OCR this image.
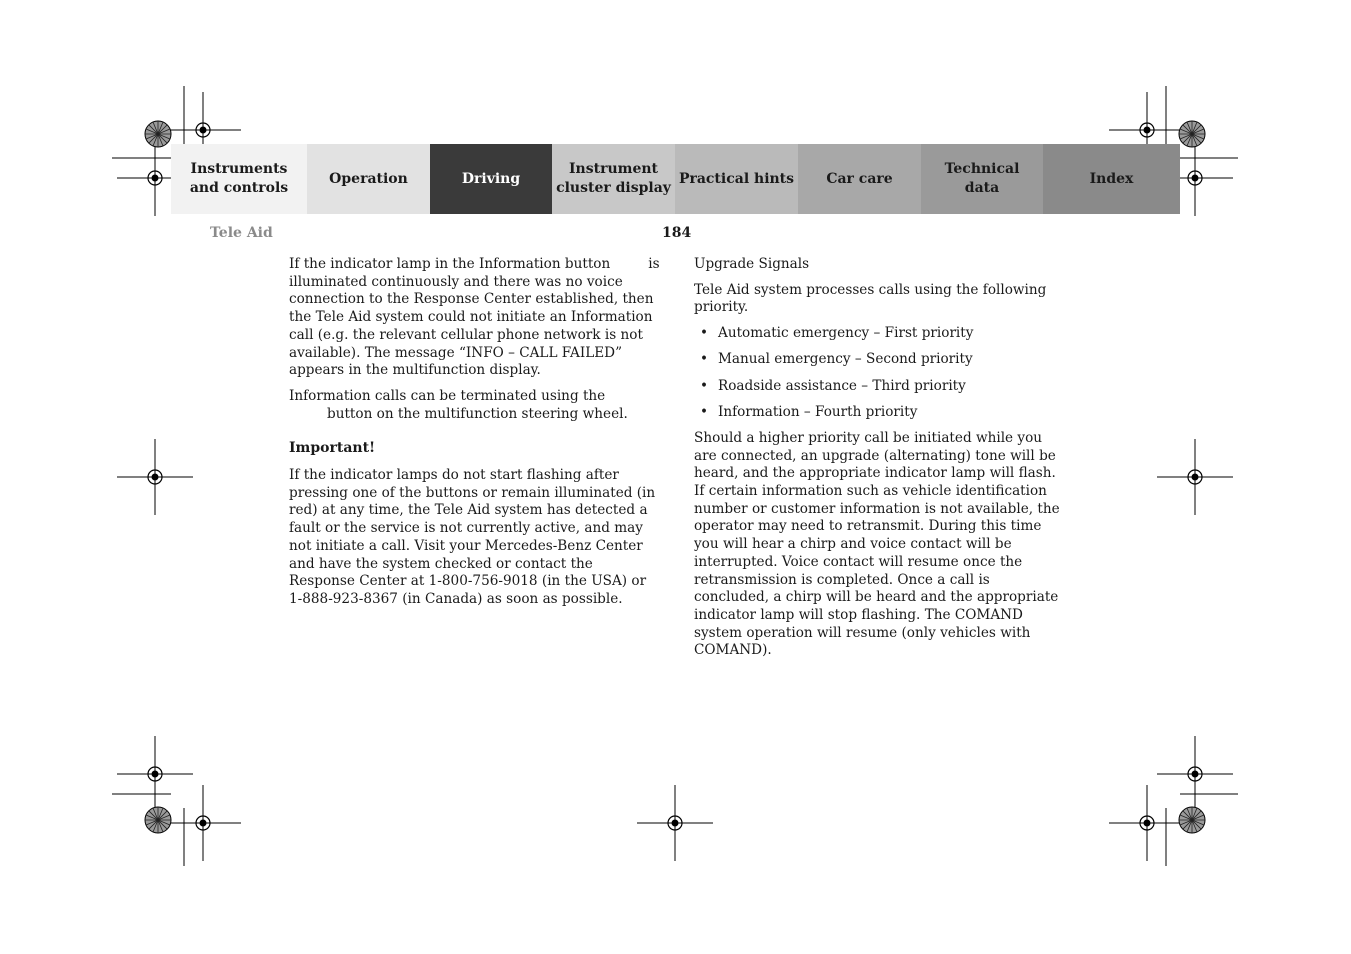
Instruments
and controls
Operation	Driving
Instrument
cluster display
Practical hints	Car care
Technical
data
Index
Tele Aid	184

If the indicator lamp in the Information button	is illuminated continuously and there was no voice connection to the Response Center established, then the Tele Aid system could not initiate an Information call (e.g. the relevant cellular phone network is not available). The message “INFO – CALL FAILED” appears in the multifunction display.

Information calls can be terminated using the
button on the multifunction steering wheel.

Important!

If the indicator lamps do not start flashing after pressing one of the buttons or remain illuminated (in red) at any time, the Tele Aid system has detected a fault or the service is not currently active, and may not initiate a call. Visit your Mercedes-Benz Center and have the system checked or contact the Response Center at 1-800-756-9018 (in the USA) or 1-888-923-8367 (in Canada) as soon as possible.

Upgrade Signals

Tele Aid system processes calls using the following priority.

• Automatic emergency – First priority
• Manual emergency – Second priority
• Roadside assistance – Third priority
• Information – Fourth priority

Should a higher priority call be initiated while you are connected, an upgrade (alternating) tone will be heard, and the appropriate indicator lamp will flash. If certain information such as vehicle identification number or customer information is not available, the operator may need to retransmit. During this time you will hear a chirp and voice contact will be interrupted. Voice contact will resume once the retransmission is completed. Once a call is concluded, a chirp will be heard and the appropriate indicator lamp will stop flashing. The COMAND system operation will resume (only vehicles with COMAND).
